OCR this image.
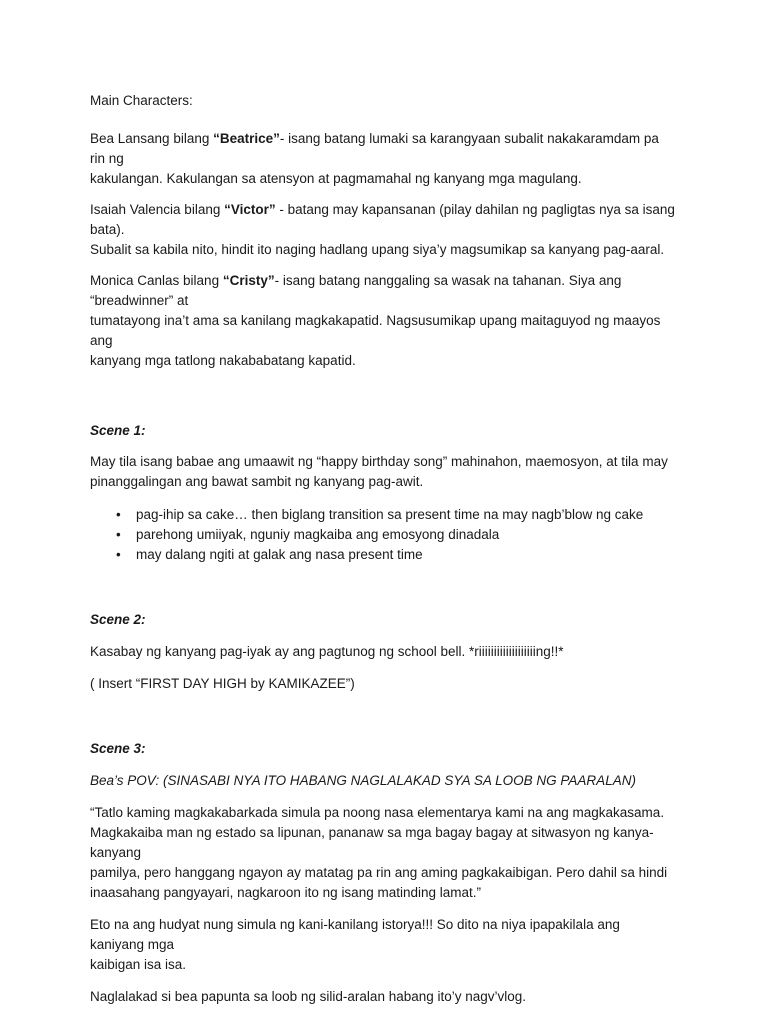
Main Characters:

Bea Lansang bilang “Beatrice”- isang batang lumaki sa karangyaan subalit nakakaramdam pa rin ng

kakulangan. Kakulangan sa atensyon at pagmamahal ng kanyang mga magulang.

Isaiah Valencia bilang “Victor” - batang may kapansanan (pilay dahilan ng pagligtas nya sa isang bata).

Subalit sa kabila nito, hindit ito naging hadlang upang siya’y magsumikap sa kanyang pag-aaral.

Monica Canlas bilang “Cristy”- isang batang nanggaling sa wasak na tahanan. Siya ang “breadwinner” at

tumatayong ina’t ama sa kanilang magkakapatid. Nagsusumikap upang maitaguyod ng maayos ang

kanyang mga tatlong nakababatang kapatid.

Scene 1:

May tila isang babae ang umaawit ng “happy birthday song” mahinahon, maemosyon, at tila may

pinanggalingan ang bawat sambit ng kanyang pag-awit.

• pag-ihip sa cake… then biglang transition sa present time na may nagb’blow ng cake
• parehong umiiyak, nguniy magkaiba ang emosyong dinadala
• may dalang ngiti at galak ang nasa present time

Scene 2:

Kasabay ng kanyang pag-iyak ay ang pagtunog ng school bell. *riiiiiiiiiiiiiiiiiiing!!*

( Insert “FIRST DAY HIGH by KAMIKAZEE”)

Scene 3:

Bea’s POV: (SINASABI NYA ITO HABANG NAGLALAKAD SYA SA LOOB NG PAARALAN)

“Tatlo kaming magkakabarkada simula pa noong nasa elementarya kami na ang magkakasama.

Magkakaiba man ng estado sa lipunan, pananaw sa mga bagay bagay at sitwasyon ng kanya-kanyang

pamilya, pero hanggang ngayon ay matatag pa rin ang aming pagkakaibigan. Pero dahil sa hindi

inaasahang pangyayari, nagkaroon ito ng isang matinding lamat.”

Eto na ang hudyat nung simula ng kani-kanilang istorya!!! So dito na niya ipapakilala ang kaniyang mga

kaibigan isa isa.

Naglalakad si bea papunta sa loob ng silid-aralan habang ito’y nagv’vlog.
